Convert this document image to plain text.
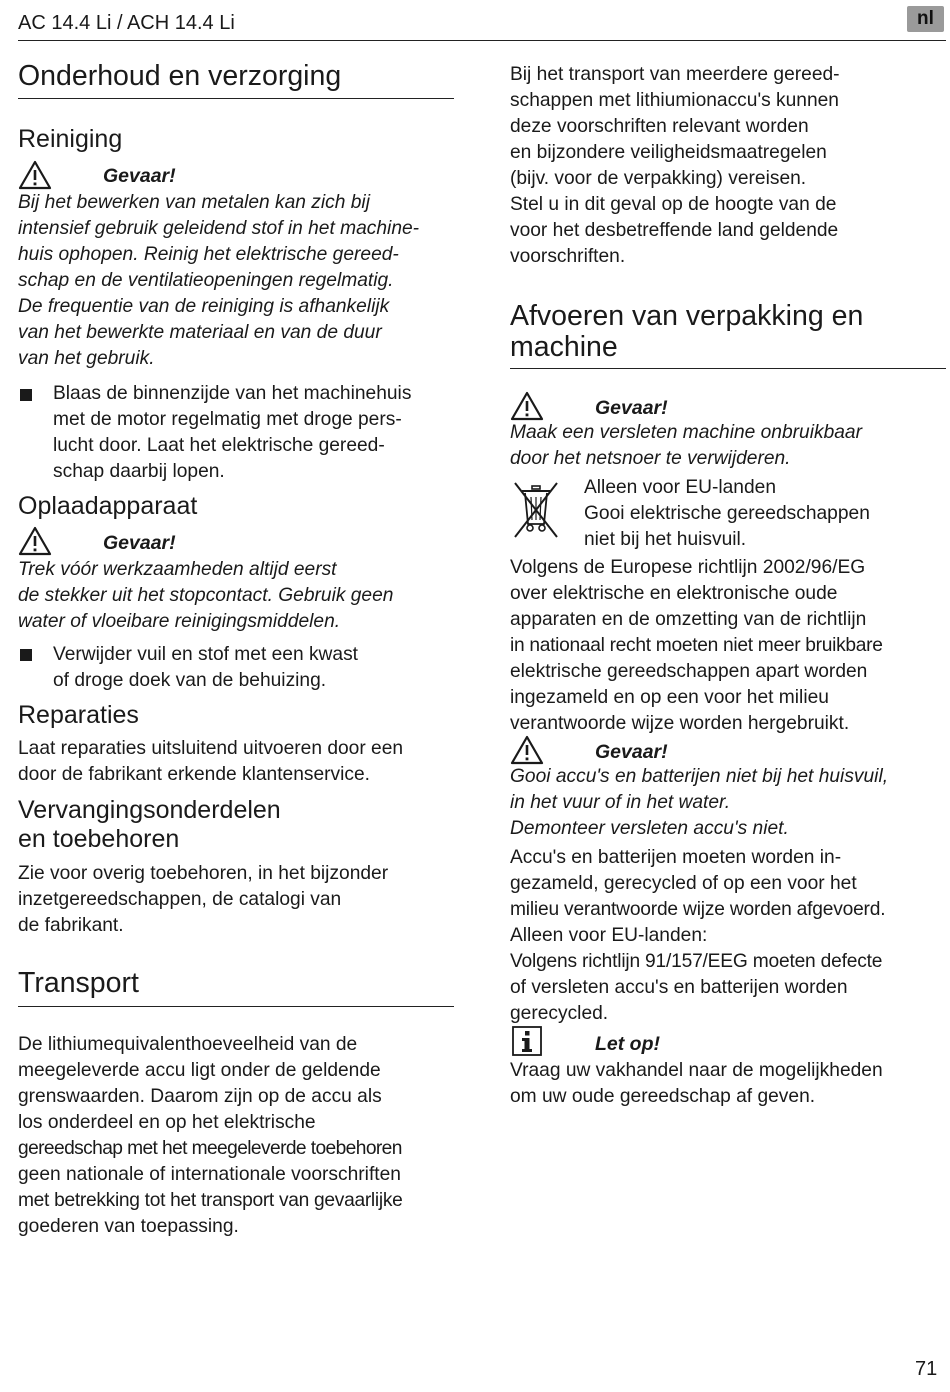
AC 14.4 Li / ACH 14.4 Li	nl
Onderhoud en verzorging
Reiniging
Gevaar!
Bij het bewerken van metalen kan zich bij
intensief gebruik geleidend stof in het machine-
huis ophopen. Reinig het elektrische gereed-
schap en de ventilatieopeningen regelmatig.
De frequentie van de reiniging is afhankelijk
van het bewerkte materiaal en van de duur
van het gebruik.
Blaas de binnenzijde van het machinehuis
met de motor regelmatig met droge pers-
lucht door. Laat het elektrische gereed-
schap daarbij lopen.
Oplaadapparaat
Gevaar!
Trek vóór werkzaamheden altijd eerst
de stekker uit het stopcontact. Gebruik geen
water of vloeibare reinigingsmiddelen.
Verwijder vuil en stof met een kwast
of droge doek van de behuizing.
Reparaties
Laat reparaties uitsluitend uitvoeren door een
door de fabrikant erkende klantenservice.
Vervangingsonderdelen
en toebehoren
Zie voor overig toebehoren, in het bijzonder
inzetgereedschappen, de catalogi van
de fabrikant.
Transport
De lithiumequivalenthoeveelheid van de
meegeleverde accu ligt onder de geldende
grenswaarden. Daarom zijn op de accu als
los onderdeel en op het elektrische
gereedschap met het meegeleverde toebehoren
geen nationale of internationale voorschriften
met betrekking tot het transport van gevaarlijke
goederen van toepassing.
Bij het transport van meerdere gereed-
schappen met lithiumionaccu's kunnen
deze voorschriften relevant worden
en bijzondere veiligheidsmaatregelen
(bijv. voor de verpakking) vereisen.
Stel u in dit geval op de hoogte van de
voor het desbetreffende land geldende
voorschriften.
Afvoeren van verpakking en
machine
Gevaar!
Maak een versleten machine onbruikbaar
door het netsnoer te verwijderen.
Alleen voor EU-landen
Gooi elektrische gereedschappen
niet bij het huisvuil.
Volgens de Europese richtlijn 2002/96/EG
over elektrische en elektronische oude
apparaten en de omzetting van de richtlijn
in nationaal recht moeten niet meer bruikbare
elektrische gereedschappen apart worden
ingezameld en op een voor het milieu
verantwoorde wijze worden hergebruikt.
Gevaar!
Gooi accu's en batterijen niet bij het huisvuil,
in het vuur of in het water.
Demonteer versleten accu's niet.
Accu's en batterijen moeten worden in-
gezameld, gerecycled of op een voor het
milieu verantwoorde wijze worden afgevoerd.
Alleen voor EU-landen:
Volgens richtlijn 91/157/EEG moeten defecte
of versleten accu's en batterijen worden
gerecycled.
Let op!
Vraag uw vakhandel naar de mogelijkheden
om uw oude gereedschap af geven.
71
